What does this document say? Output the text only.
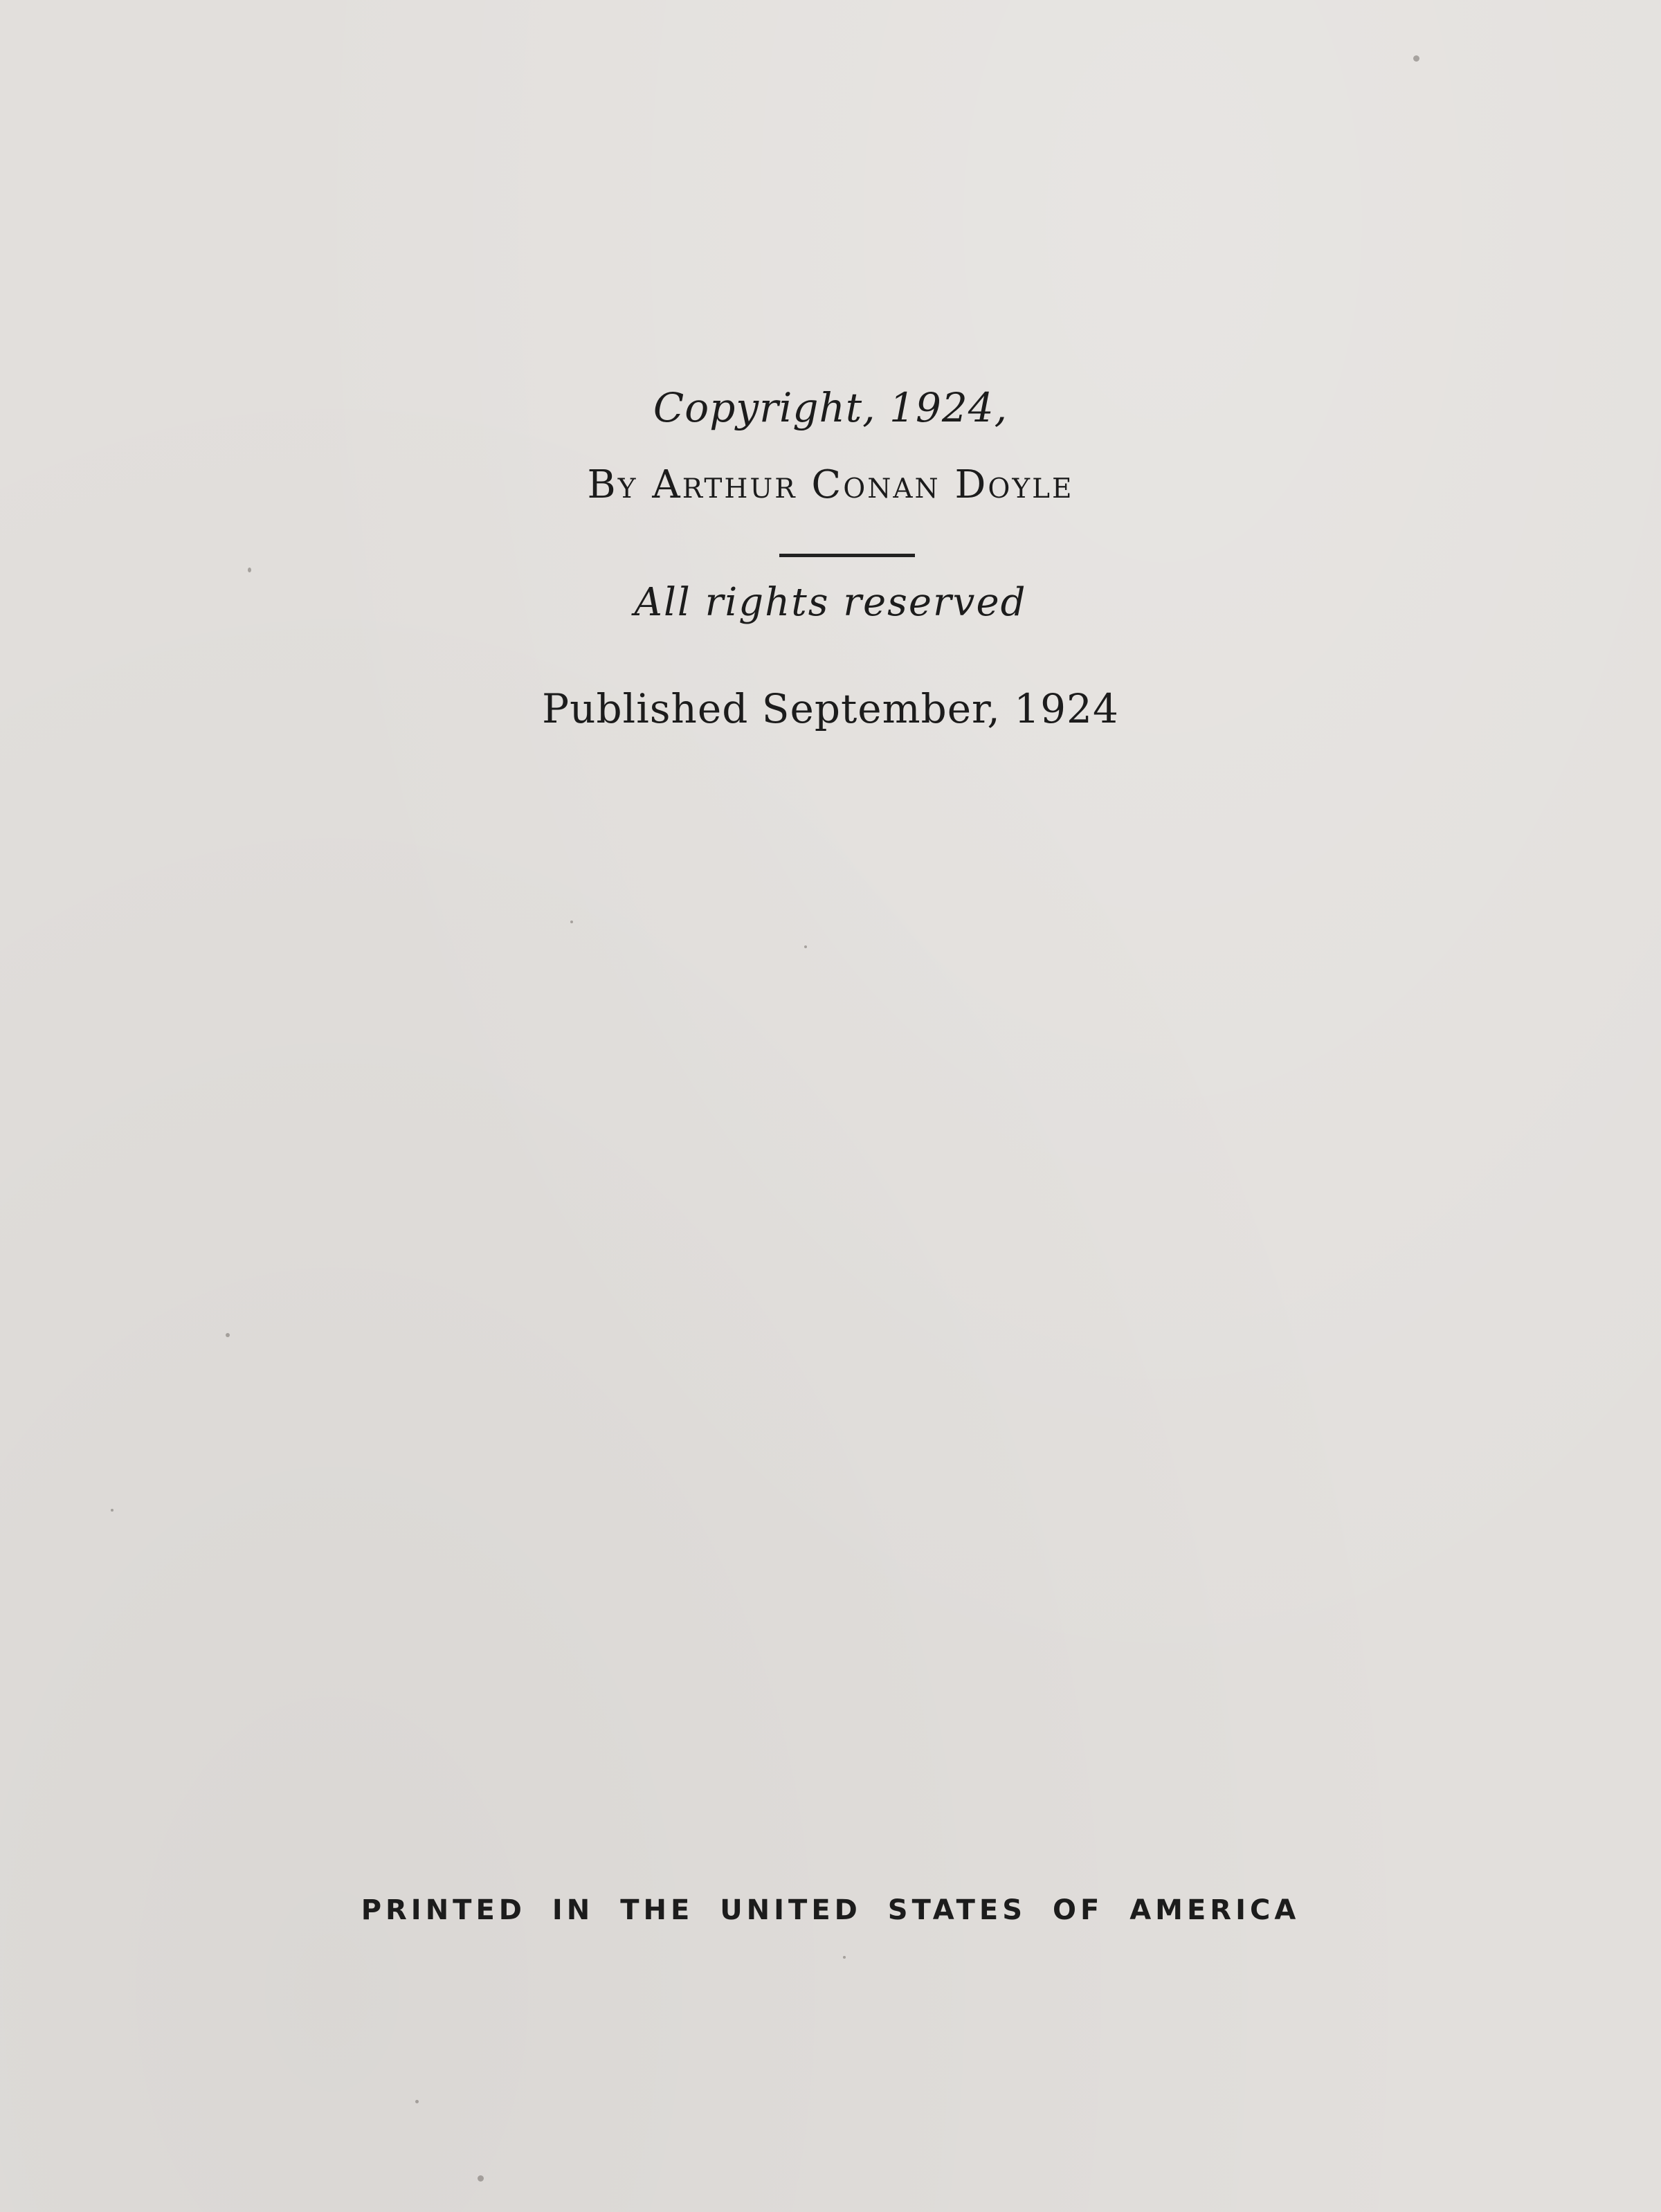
Copyright, 1924,
By Arthur Conan Doyle
All rights reserved
Published September, 1924
PRINTED IN THE UNITED STATES OF AMERICA
